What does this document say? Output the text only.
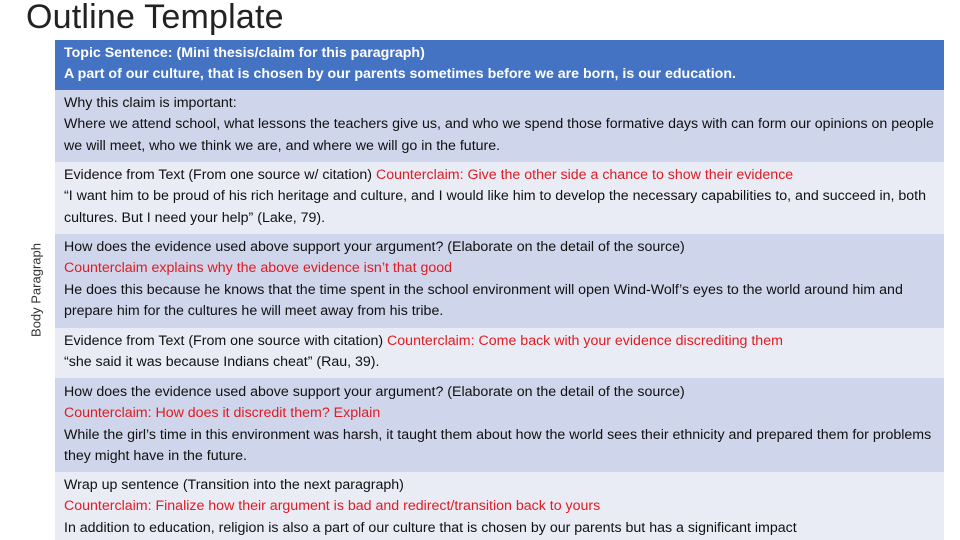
Outline Template
Body Paragraph
Topic Sentence: (Mini thesis/claim for this paragraph)
A part of our culture, that is chosen by our parents sometimes before we are born, is our education.
Why this claim is important:
Where we attend school, what lessons the teachers give us, and who we spend those formative days with can form our opinions on people we will meet, who we think we are, and where we will go in the future.
Evidence from Text (From one source w/ citation) Counterclaim: Give the other side a chance to show their evidence
“I want him to be proud of his rich heritage and culture, and I would like him to develop the necessary capabilities to, and succeed in, both cultures. But I need your help” (Lake, 79).
How does the evidence used above support your argument? (Elaborate on the detail of the source)
Counterclaim explains why the above evidence isn’t that good
He does this because he knows that the time spent in the school environment will open Wind-Wolf’s eyes to the world around him and prepare him for the cultures he will meet away from his tribe.
Evidence from Text (From one source with citation) Counterclaim: Come back with your evidence discrediting them
“she said it was because Indians cheat” (Rau, 39).
How does the evidence used above support your argument? (Elaborate on the detail of the source)
Counterclaim: How does it discredit them? Explain
While the girl’s time in this environment was harsh, it taught them about how the world sees their ethnicity and prepared them for problems they might have in the future.
Wrap up sentence (Transition into the next paragraph)
Counterclaim: Finalize how their argument is bad and redirect/transition back to yours
In addition to education, religion is also a part of our culture that is chosen by our parents but has a significant impact
